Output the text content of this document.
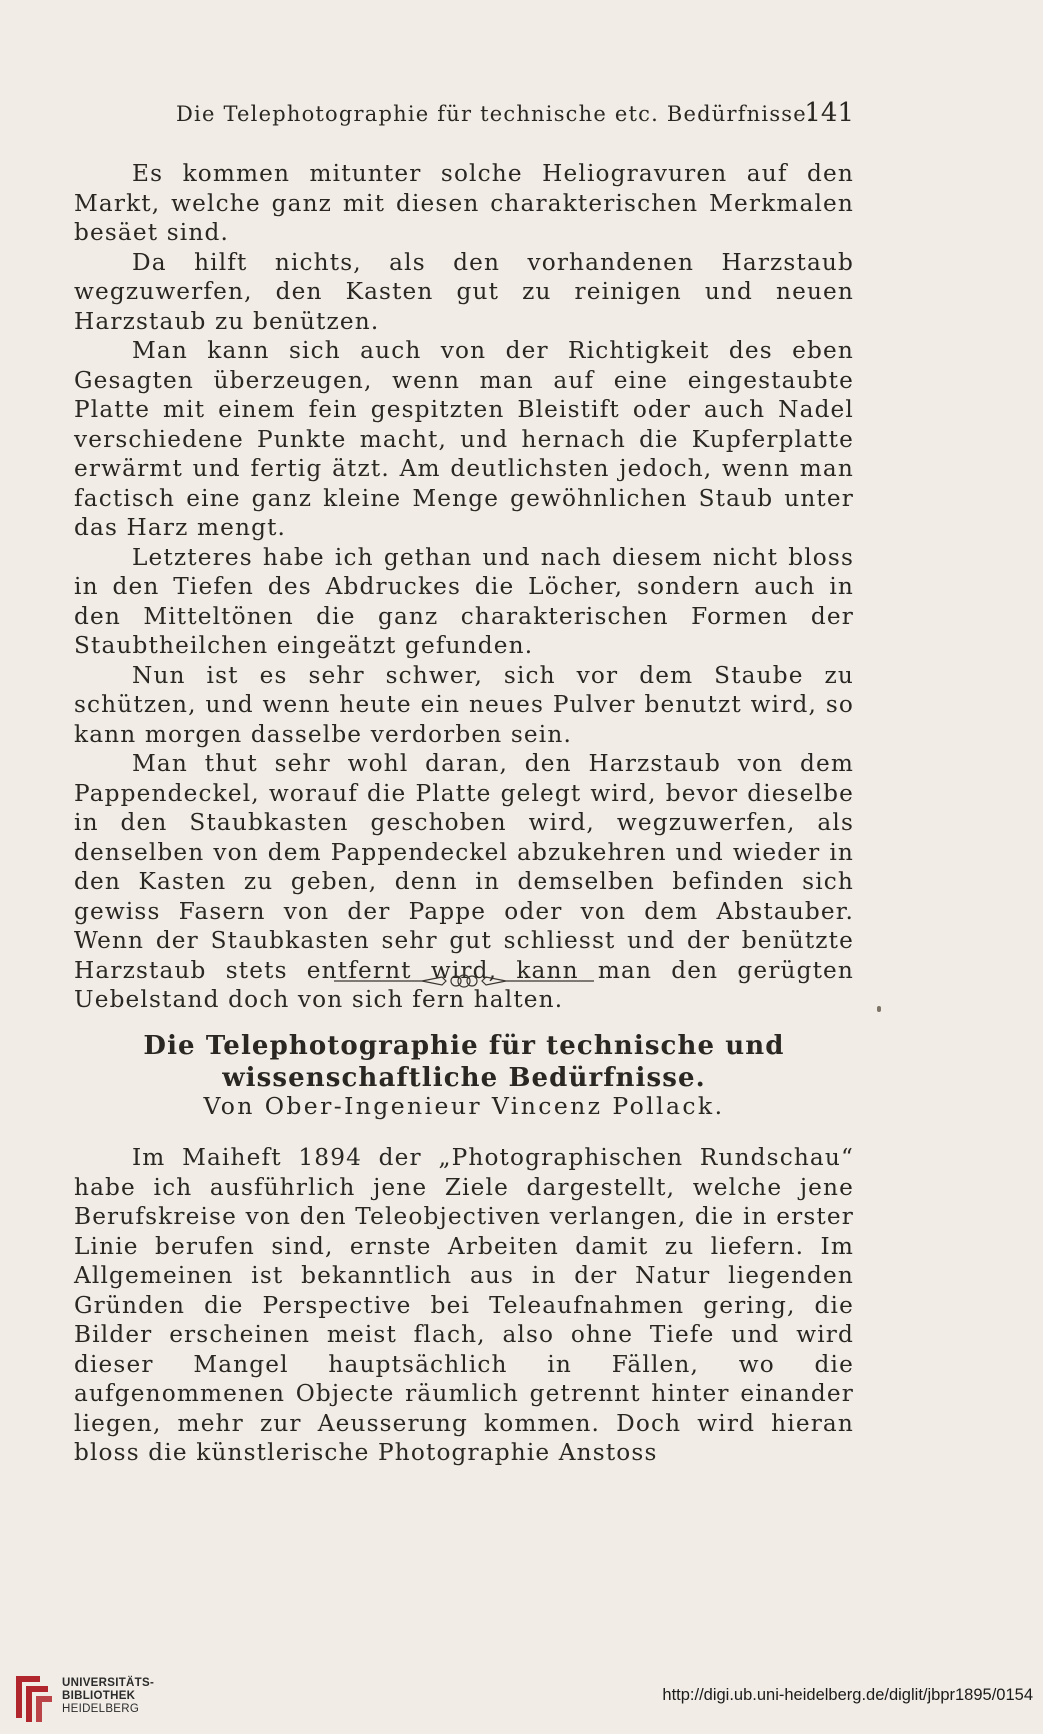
Die Telephotographie für technische etc. Bedürfnisse.
141

Es kommen mitunter solche Heliogravuren auf den Markt, welche ganz mit diesen charakterischen Merkmalen besäet sind.

Da hilft nichts, als den vorhandenen Harzstaub wegzuwerfen, den Kasten gut zu reinigen und neuen Harzstaub zu benützen.

Man kann sich auch von der Richtigkeit des eben Gesagten überzeugen, wenn man auf eine eingestaubte Platte mit einem fein gespitzten Bleistift oder auch Nadel verschiedene Punkte macht, und hernach die Kupferplatte erwärmt und fertig ätzt. Am deutlichsten jedoch, wenn man factisch eine ganz kleine Menge gewöhnlichen Staub unter das Harz mengt.

Letzteres habe ich gethan und nach diesem nicht bloss in den Tiefen des Abdruckes die Löcher, sondern auch in den Mitteltönen die ganz charakterischen Formen der Staubtheilchen eingeätzt gefunden.

Nun ist es sehr schwer, sich vor dem Staube zu schützen, und wenn heute ein neues Pulver benutzt wird, so kann morgen dasselbe verdorben sein.

Man thut sehr wohl daran, den Harzstaub von dem Pappendeckel, worauf die Platte gelegt wird, bevor dieselbe in den Staubkasten geschoben wird, wegzuwerfen, als denselben von dem Pappendeckel abzukehren und wieder in den Kasten zu geben, denn in demselben befinden sich gewiss Fasern von der Pappe oder von dem Abstauber. Wenn der Staubkasten sehr gut schliesst und der benützte Harzstaub stets entfernt wird, kann man den gerügten Uebelstand doch von sich fern halten.

Die Telephotographie für technische und wissenschaftliche Bedürfnisse.
Von Ober-Ingenieur Vincenz Pollack.

Im Maiheft 1894 der „Photographischen Rundschau“ habe ich ausführlich jene Ziele dargestellt, welche jene Berufskreise von den Teleobjectiven verlangen, die in erster Linie berufen sind, ernste Arbeiten damit zu liefern. Im Allgemeinen ist bekanntlich aus in der Natur liegenden Gründen die Perspective bei Teleaufnahmen gering, die Bilder erscheinen meist flach, also ohne Tiefe und wird dieser Mangel hauptsächlich in Fällen, wo die aufgenommenen Objecte räumlich getrennt hinter einander liegen, mehr zur Aeusserung kommen. Doch wird hieran bloss die künstlerische Photographie Anstoss

UNIVERSITÄTS-
BIBLIOTHEK
HEIDELBERG
http://digi.ub.uni-heidelberg.de/diglit/jbpr1895/0154
